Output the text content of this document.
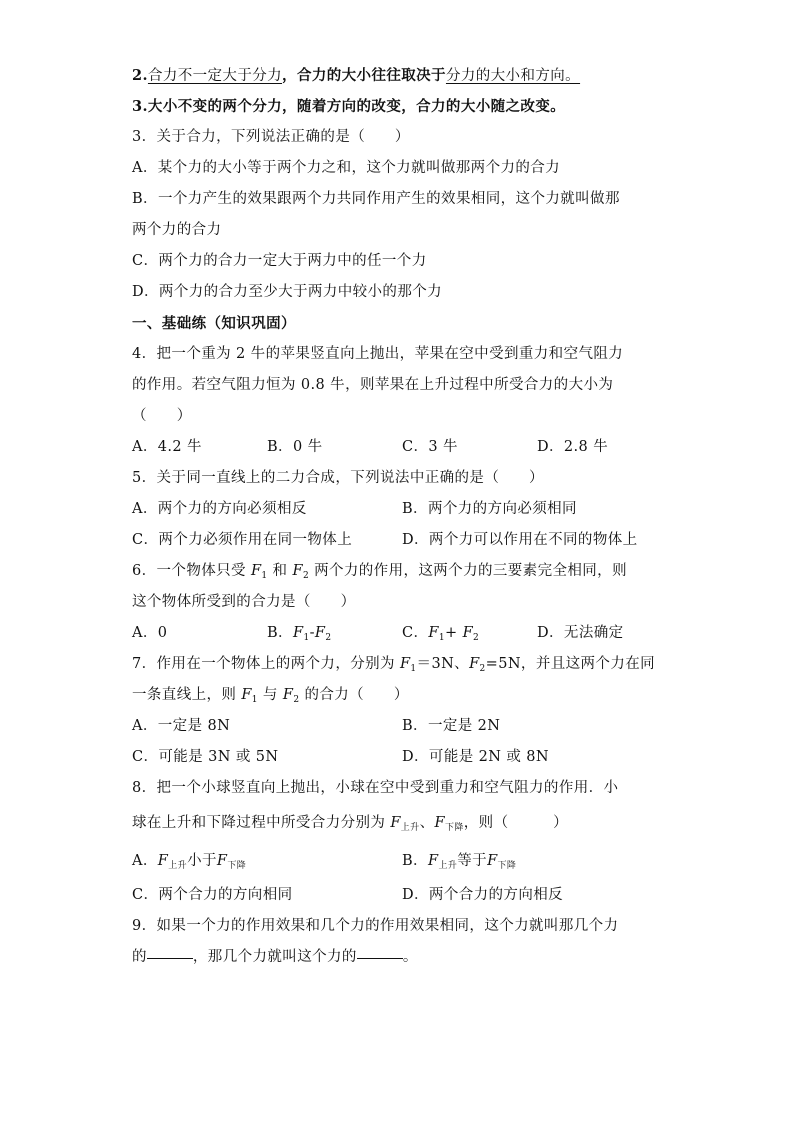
2.合力不一定大于分力，合力的大小往往取决于分力的大小和方向。
3.大小不变的两个分力，随着方向的改变，合力的大小随之改变。
3．关于合力，下列说法正确的是（　　）
A．某个力的大小等于两个力之和，这个力就叫做那两个力的合力
B．一个力产生的效果跟两个力共同作用产生的效果相同，这个力就叫做那
两个力的合力
C．两个力的合力一定大于两力中的任一个力
D．两个力的合力至少大于两力中较小的那个力
一、基础练（知识巩固）
4．把一个重为 2 牛的苹果竖直向上抛出，苹果在空中受到重力和空气阻力
的作用。若空气阻力恒为 0.8 牛，则苹果在上升过程中所受合力的大小为
（　　）
A．4.2 牛	B．0 牛	C．3 牛	D．2.8 牛
5．关于同一直线上的二力合成，下列说法中正确的是（　　）
A．两个力的方向必须相反	B．两个力的方向必须相同
C．两个力必须作用在同一物体上	D．两个力可以作用在不同的物体上
6．一个物体只受 $F_1$ 和 $F_2$ 两个力的作用，这两个力的三要素完全相同，则
这个物体所受到的合力是（　　）
A．0	B．$F_1-F_2$	C．$F_1+ F_2$	D．无法确定
7．作用在一个物体上的两个力，分别为 $F_1=3N$、$F_2=5N$，并且这两个力在同
一条直线上，则 $F_1$ 与 $F_2$ 的合力（　　）
A．一定是 8N	B．一定是 2N
C．可能是 3N 或 5N	D．可能是 2N 或 8N
8．把一个小球竖直向上抛出，小球在空中受到重力和空气阻力的作用．小
球在上升和下降过程中所受合力分别为 $F_{上升}$、$F_{下降}$，则（　　　）
A．$F_{上升}$小于$F_{下降}$	B．$F_{上升}$等于$F_{下降}$
C．两个合力的方向相同	D．两个合力的方向相反
9．如果一个力的作用效果和几个力的作用效果相同，这个力就叫那几个力
的	，那几个力就叫这个力的	。
